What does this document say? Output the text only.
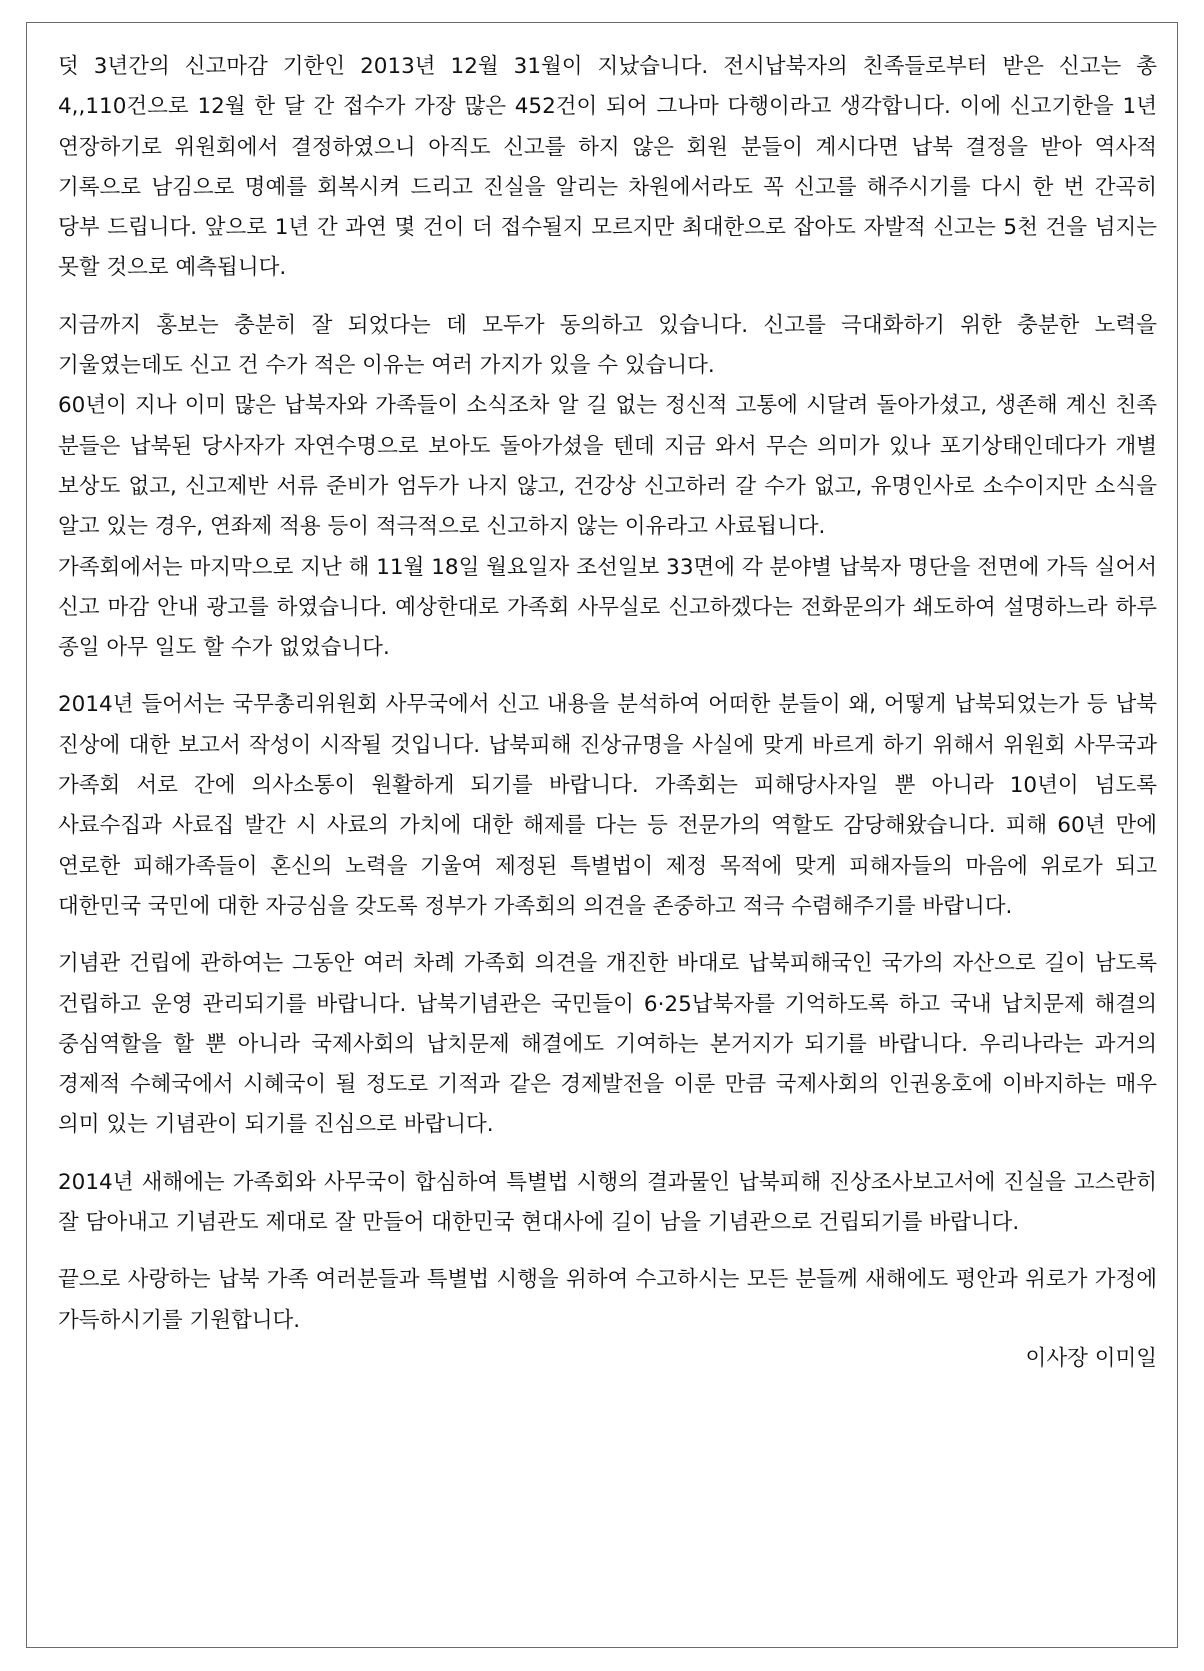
덧 3년간의 신고마감 기한인 2013년 12월 31월이 지났습니다. 전시납북자의 친족들로부터 받은 신고는 총 4,,110건으로 12월 한 달 간 접수가 가장 많은 452건이 되어 그나마 다행이라고 생각합니다. 이에 신고기한을 1년 연장하기로 위원회에서 결정하였으니 아직도 신고를 하지 않은 회원 분들이 계시다면 납북 결정을 받아 역사적 기록으로 남김으로 명예를 회복시켜 드리고 진실을 알리는 차원에서라도 꼭 신고를 해주시기를 다시 한 번 간곡히 당부 드립니다. 앞으로 1년 간 과연 몇 건이 더 접수될지 모르지만 최대한으로 잡아도 자발적 신고는 5천 건을 넘지는 못할 것으로 예측됩니다.

지금까지 홍보는 충분히 잘 되었다는 데 모두가 동의하고 있습니다. 신고를 극대화하기 위한 충분한 노력을 기울였는데도 신고 건 수가 적은 이유는 여러 가지가 있을 수 있습니다.

60년이 지나 이미 많은 납북자와 가족들이 소식조차 알 길 없는 정신적 고통에 시달려 돌아가셨고, 생존해 계신 친족 분들은 납북된 당사자가 자연수명으로 보아도 돌아가셨을 텐데 지금 와서 무슨 의미가 있나 포기상태인데다가 개별 보상도 없고, 신고제반 서류 준비가 엄두가 나지 않고, 건강상 신고하러 갈 수가 없고, 유명인사로 소수이지만 소식을 알고 있는 경우, 연좌제 적용 등이 적극적으로 신고하지 않는 이유라고 사료됩니다.

가족회에서는 마지막으로 지난 해 11월 18일 월요일자 조선일보 33면에 각 분야별 납북자 명단을 전면에 가득 실어서 신고 마감 안내 광고를 하였습니다. 예상한대로 가족회 사무실로 신고하겠다는 전화문의가 쇄도하여 설명하느라 하루 종일 아무 일도 할 수가 없었습니다.

2014년 들어서는 국무총리위원회 사무국에서 신고 내용을 분석하여 어떠한 분들이 왜, 어떻게 납북되었는가 등 납북 진상에 대한 보고서 작성이 시작될 것입니다. 납북피해 진상규명을 사실에 맞게 바르게 하기 위해서 위원회 사무국과 가족회 서로 간에 의사소통이 원활하게 되기를 바랍니다. 가족회는 피해당사자일 뿐 아니라 10년이 넘도록 사료수집과 사료집 발간 시 사료의 가치에 대한 해제를 다는 등 전문가의 역할도 감당해왔습니다. 피해 60년 만에 연로한 피해가족들이 혼신의 노력을 기울여 제정된 특별법이 제정 목적에 맞게 피해자들의 마음에 위로가 되고 대한민국 국민에 대한 자긍심을 갖도록 정부가 가족회의 의견을 존중하고 적극 수렴해주기를 바랍니다.

기념관 건립에 관하여는 그동안 여러 차례 가족회 의견을 개진한 바대로 납북피해국인 국가의 자산으로 길이 남도록 건립하고 운영 관리되기를 바랍니다. 납북기념관은 국민들이 6·25납북자를 기억하도록 하고 국내 납치문제 해결의 중심역할을 할 뿐 아니라 국제사회의 납치문제 해결에도 기여하는 본거지가 되기를 바랍니다. 우리나라는 과거의 경제적 수혜국에서 시혜국이 될 정도로 기적과 같은 경제발전을 이룬 만큼 국제사회의 인권옹호에 이바지하는 매우 의미 있는 기념관이 되기를 진심으로 바랍니다.

2014년 새해에는 가족회와 사무국이 합심하여 특별법 시행의 결과물인 납북피해 진상조사보고서에 진실을 고스란히 잘 담아내고 기념관도 제대로 잘 만들어 대한민국 현대사에 길이 남을 기념관으로 건립되기를 바랍니다.

끝으로 사랑하는 납북 가족 여러분들과 특별법 시행을 위하여 수고하시는 모든 분들께 새해에도 평안과 위로가 가정에 가득하시기를 기원합니다.

이사장 이미일
